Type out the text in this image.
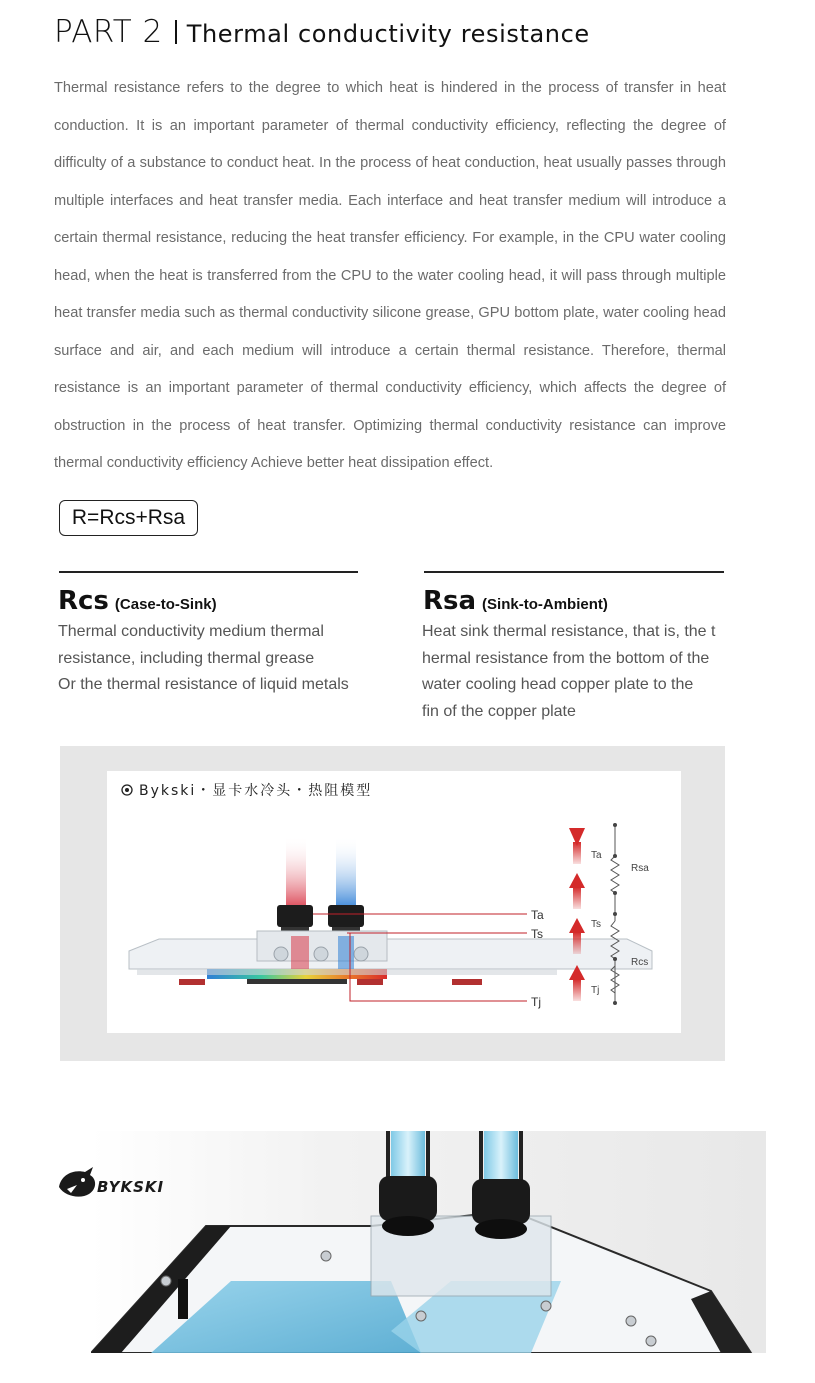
PART 2 Thermal conductivity resistance

Thermal resistance refers to the degree to which heat is hindered in the process of transfer in heat conduction. It is an important parameter of thermal conductivity efficiency, reflecting the degree of difficulty of a substance to conduct heat. In the process of heat conduction, heat usually passes through multiple interfaces and heat transfer media. Each interface and heat transfer medium will introduce a certain thermal resistance, reducing the heat transfer efficiency. For example, in the CPU water cooling head, when the heat is transferred from the CPU to the water cooling head, it will pass through multiple heat transfer media such as thermal conductivity silicone grease, GPU bottom plate, water cooling head surface and air, and each medium will introduce a certain thermal resistance. Therefore, thermal resistance is an important parameter of thermal conductivity efficiency, which affects the degree of obstruction in the process of heat transfer. Optimizing thermal conductivity resistance can improve thermal conductivity efficiency Achieve better heat dissipation effect.

R=Rcs+Rsa
Rcs (Case-to-Sink)
Thermal conductivity medium thermal
resistance, including thermal grease
Or the thermal resistance of liquid metals
Rsa (Sink-to-Ambient)
Heat sink thermal resistance, that is, the t
hermal resistance from the bottom of the
water cooling head copper plate to the
fin of the copper plate
Bykski・显卡水冷头・热阻模型
Ta
Ts
Tj
Ta
Ts
Tj
Rsa
Rcs
BYKSKI
